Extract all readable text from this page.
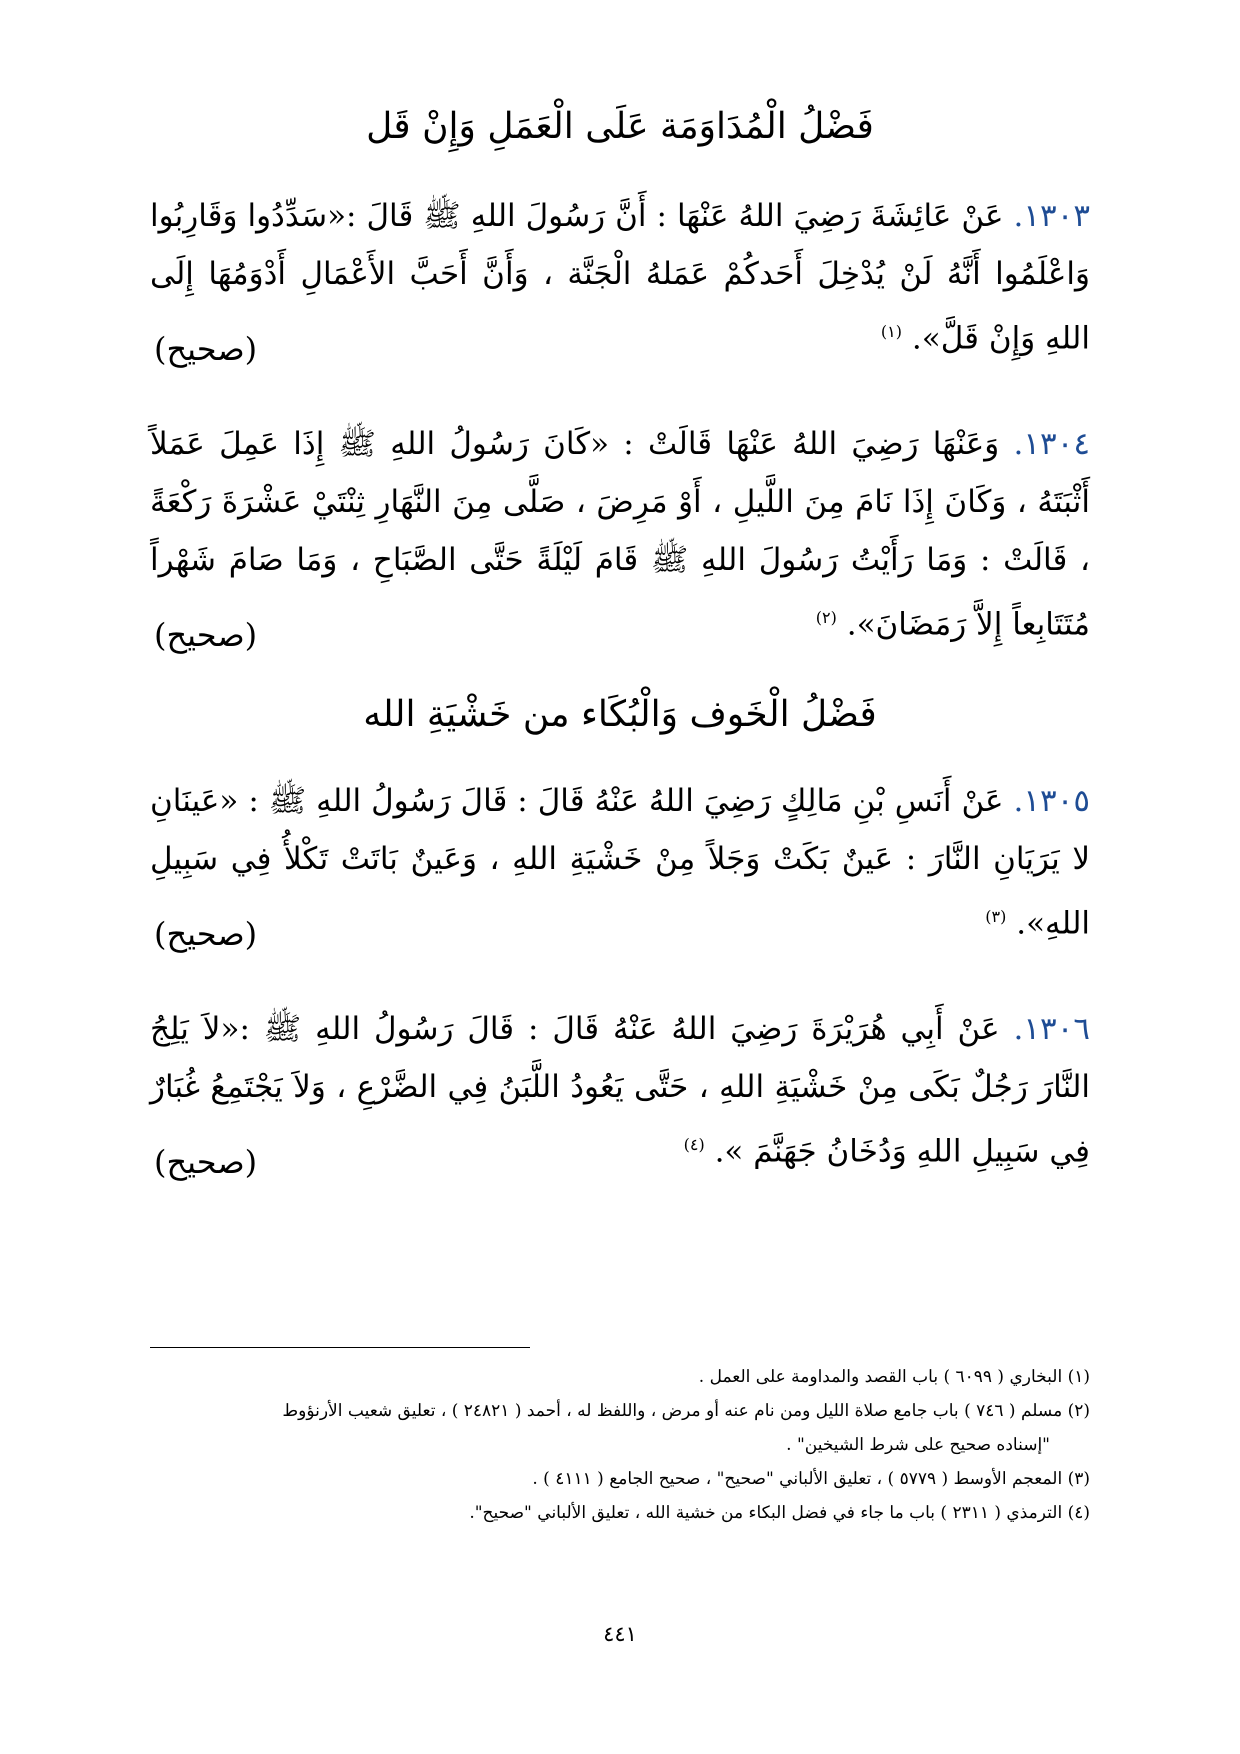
فَضْلُ الْمُدَاوَمَة عَلَى الْعَمَلِ وَإِنْ قَل
١٣٠٣. عَنْ عَائِشَةَ رَضِيَ اللهُ عَنْهَا : أَنَّ رَسُولَ اللهِ ﷺ قَالَ :«سَدِّدُوا وَقَارِبُوا وَاعْلَمُوا أَنَّهُ لَنْ يُدْخِلَ أَحَدكُمْ عَمَلهُ الْجَنَّة ، وَأَنَّ أَحَبَّ الأَعْمَالِ أَدْوَمُهَا إِلَى اللهِ وَإِنْ قَلَّ». $^{(١)}$
(صحيح)
١٣٠٤. وَعَنْهَا رَضِيَ اللهُ عَنْهَا قَالَتْ : «كَانَ رَسُولُ اللهِ ﷺ إِذَا عَمِلَ عَمَلاً أَثْبَتَهُ ، وَكَانَ إِذَا نَامَ مِنَ اللَّيلِ ، أَوْ مَرِضَ ، صَلَّى مِنَ النَّهَارِ ثِنْتَيْ عَشْرَةَ رَكْعَةً ، قَالَتْ : وَمَا رَأَيْتُ رَسُولَ اللهِ ﷺ قَامَ لَيْلَةً حَتَّى الصَّبَاحِ ، وَمَا صَامَ شَهْراً مُتَتَابِعاً إِلاَّ رَمَضَانَ». $^{(٢)}$
(صحيح)
فَضْلُ الْخَوف وَالْبُكَاء من خَشْيَةِ الله
١٣٠٥. عَنْ أَنَسِ بْنِ مَالِكٍ رَضِيَ اللهُ عَنْهُ قَالَ : قَالَ رَسُولُ اللهِ ﷺ : «عَينَانِ لا يَرَيَانِ النَّارَ : عَينٌ بَكَتْ وَجَلاً مِنْ خَشْيَةِ اللهِ ، وَعَينٌ بَاتَتْ تَكْلأُ فِي سَبِيلِ اللهِ». $^{(٣)}$
(صحيح)
١٣٠٦. عَنْ أَبِي هُرَيْرَةَ رَضِيَ اللهُ عَنْهُ قَالَ : قَالَ رَسُولُ اللهِ ﷺ :«لاَ يَلِجُ النَّارَ رَجُلٌ بَكَى مِنْ خَشْيَةِ اللهِ ، حَتَّى يَعُودُ اللَّبَنُ فِي الضَّرْعِ ، وَلاَ يَجْتَمِعُ غُبَارٌ فِي سَبِيلِ اللهِ وَدُخَانُ جَهَنَّمَ ». $^{(٤)}$
(صحيح)

(١) البخاري ( ٦٠٩٩ ) باب القصد والمداومة على العمل .

(٢) مسلم ( ٧٤٦ ) باب جامع صلاة الليل ومن نام عنه أو مرض ، واللفظ له ، أحمد ( ٢٤٨٢١ ) ، تعليق شعيب الأرنؤوط

"إسناده صحيح على شرط الشيخين" .

(٣) المعجم الأوسط ( ٥٧٧٩ ) ، تعليق الألباني "صحيح" ، صحيح الجامع ( ٤١١١ ) .

(٤) الترمذي ( ٢٣١١ ) باب ما جاء في فضل البكاء من خشية الله ، تعليق الألباني "صحيح".

٤٤١
